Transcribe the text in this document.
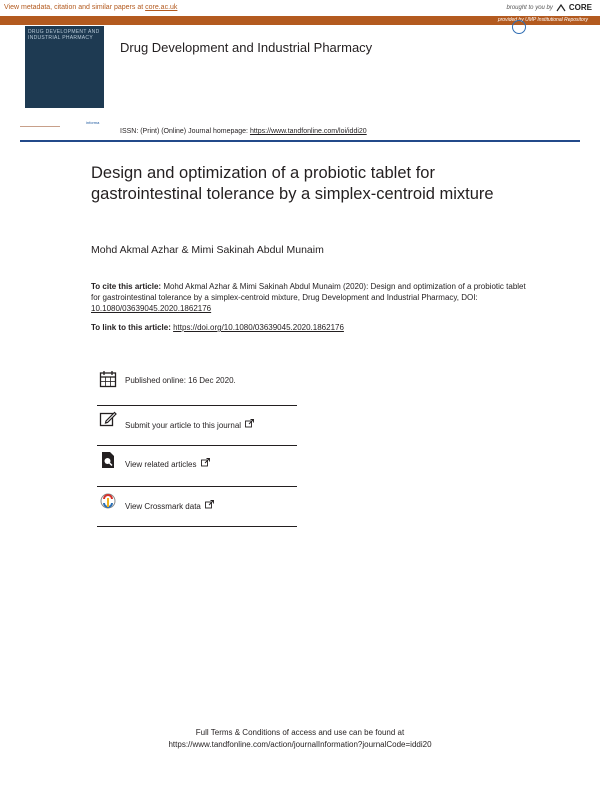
View metadata, citation and similar papers at core.ac.uk	brought to you by CORE
provided by UMP Institutional Repository
DRUG DEVELOPMENT AND INDUSTRIAL PHARMACY
Drug Development and Industrial Pharmacy
informa
ISSN: (Print) (Online) Journal homepage: https://www.tandfonline.com/loi/iddi20
Design and optimization of a probiotic tablet for gastrointestinal tolerance by a simplex-centroid mixture
Mohd Akmal Azhar & Mimi Sakinah Abdul Munaim
To cite this article: Mohd Akmal Azhar & Mimi Sakinah Abdul Munaim (2020): Design and optimization of a probiotic tablet for gastrointestinal tolerance by a simplex-centroid mixture, Drug Development and Industrial Pharmacy, DOI: 10.1080/03639045.2020.1862176
To link to this article: https://doi.org/10.1080/03639045.2020.1862176
Published online: 16 Dec 2020.
Submit your article to this journal
View related articles
View Crossmark data
Full Terms & Conditions of access and use can be found at
https://www.tandfonline.com/action/journalInformation?journalCode=iddi20
